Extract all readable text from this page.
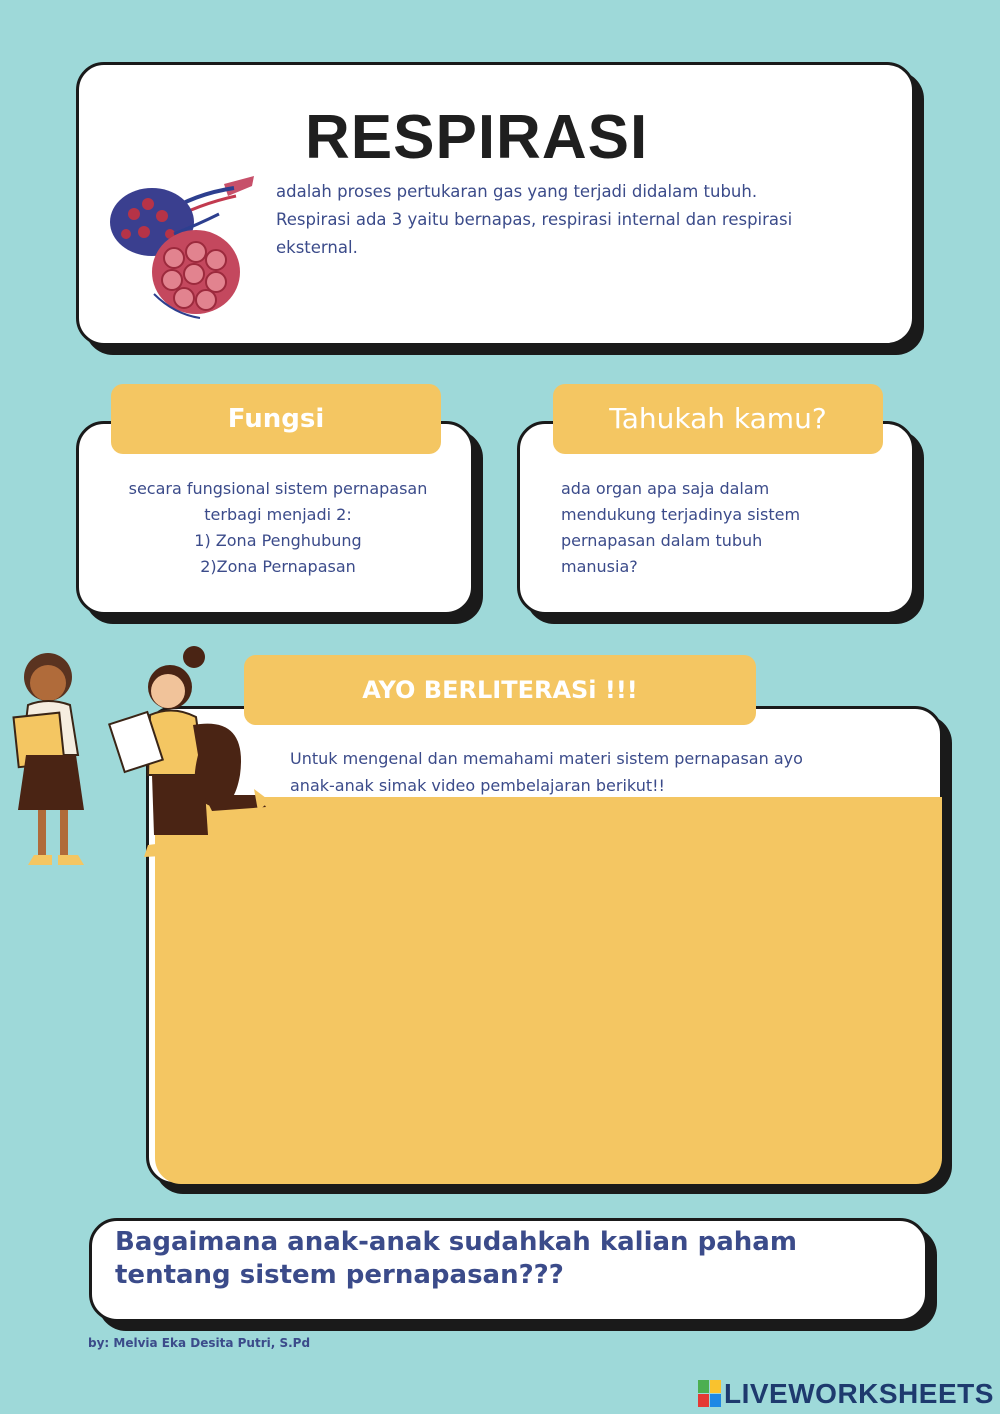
RESPIRASI

adalah proses pertukaran gas yang terjadi didalam tubuh.
Respirasi ada 3 yaitu bernapas, respirasi internal dan respirasi
eksternal.

Fungsi

secara fungsional sistem pernapasan
terbagi menjadi 2:
1) Zona Penghubung
2)Zona Pernapasan

Tahukah kamu?

ada organ apa saja dalam
mendukung terjadinya sistem
pernapasan dalam tubuh
manusia?

AYO BERLITERASi !!!

Untuk mengenal dan memahami materi sistem pernapasan ayo
anak-anak simak video pembelajaran berikut!!

Bagaimana anak-anak sudahkah kalian paham
tentang sistem pernapasan???

by: Melvia Eka Desita Putri, S.Pd

LIVEWORKSHEETS
